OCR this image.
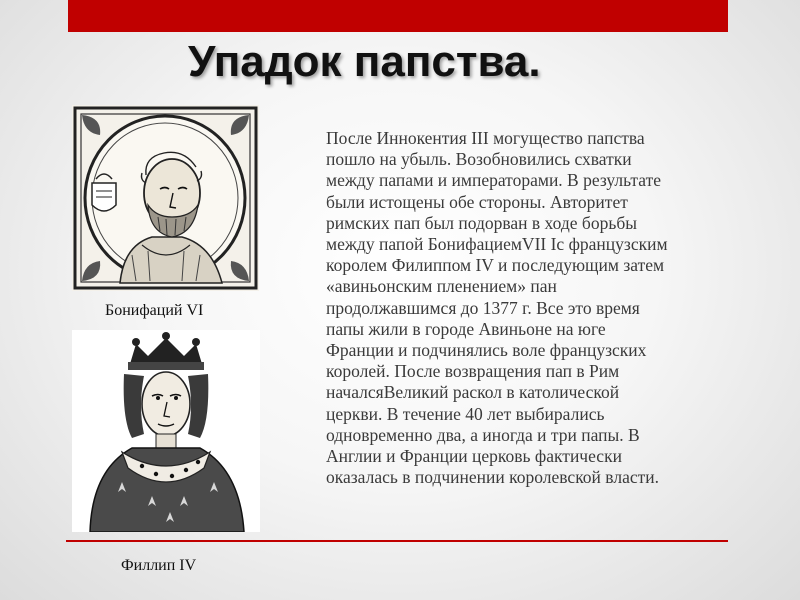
Упадок папства.
Бонифаций VI
Филлип IV
После Иннокентия III могущество папства
пошло на убыль. Возобновились схватки
между папами и императорами. В результате
были истощены обе стороны. Авторитет
римских пап был подорван в ходе борьбы
между папой БонифациемVII Iс французским
королем Филиппом IV и последующим затем
«авиньонским пленением» пан
продолжавшимся до 1377 г. Все это время
папы жили в городе Авиньоне на юге
Франции и подчинялись воле французских
королей. После возвращения пап в Рим
началсяВеликий раскол в католической
церкви. В течение 40 лет выбирались
одновременно два, а иногда и три папы. В
Англии и Франции церковь фактически
оказалась в подчинении королевской власти.
